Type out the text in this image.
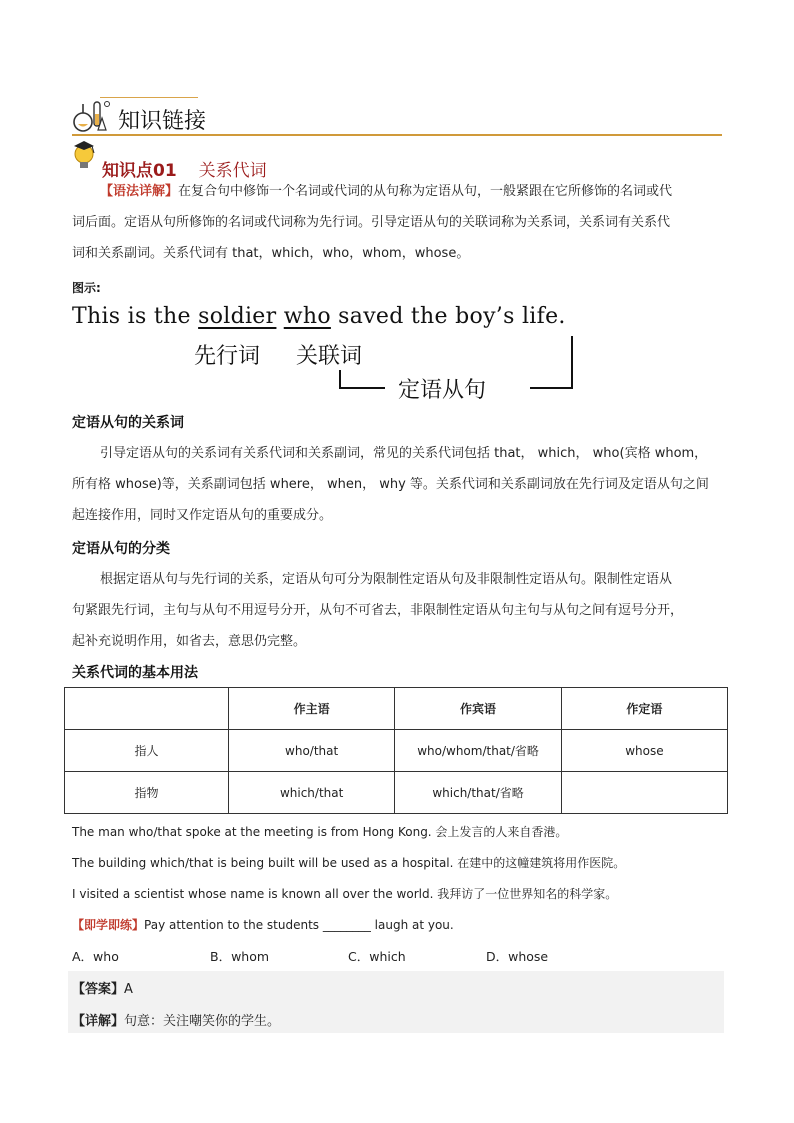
知识链接
知识点01 关系代词
【语法详解】在复合句中修饰一个名词或代词的从句称为定语从句，一般紧跟在它所修饰的名词或代
词后面。定语从句所修饰的名词或代词称为先行词。引导定语从句的关联词称为关系词，关系词有关系代
词和关系副词。关系代词有 that，which，who，whom，whose。
图示:
This is the soldier who saved the boy’s life.
先行词 关联词
定语从句
定语从句的关系词
引导定语从句的关系词有关系代词和关系副词，常见的关系代词包括 that， which， who(宾格 whom，
所有格 whose)等，关系副词包括 where， when， why 等。关系代词和关系副词放在先行词及定语从句之间
起连接作用，同时又作定语从句的重要成分。
定语从句的分类
根据定语从句与先行词的关系，定语从句可分为限制性定语从句及非限制性定语从句。限制性定语从
句紧跟先行词，主句与从句不用逗号分开，从句不可省去，非限制性定语从句主句与从句之间有逗号分开，
起补充说明作用，如省去，意思仍完整。
关系代词的基本用法
	作主语	作宾语	作定语
指人	who/that	who/whom/that/省略	whose
指物	which/that	which/that/省略	
The man who/that spoke at the meeting is from Hong Kong. 会上发言的人来自香港。
The building which/that is being built will be used as a hospital. 在建中的这幢建筑将用作医院。
I visited a scientist whose name is known all over the world. 我拜访了一位世界知名的科学家。
【即学即练】Pay attention to the students ________ laugh at you.
A．who	B．whom	C．which	D．whose
【答案】A
【详解】句意：关注嘲笑你的学生。
